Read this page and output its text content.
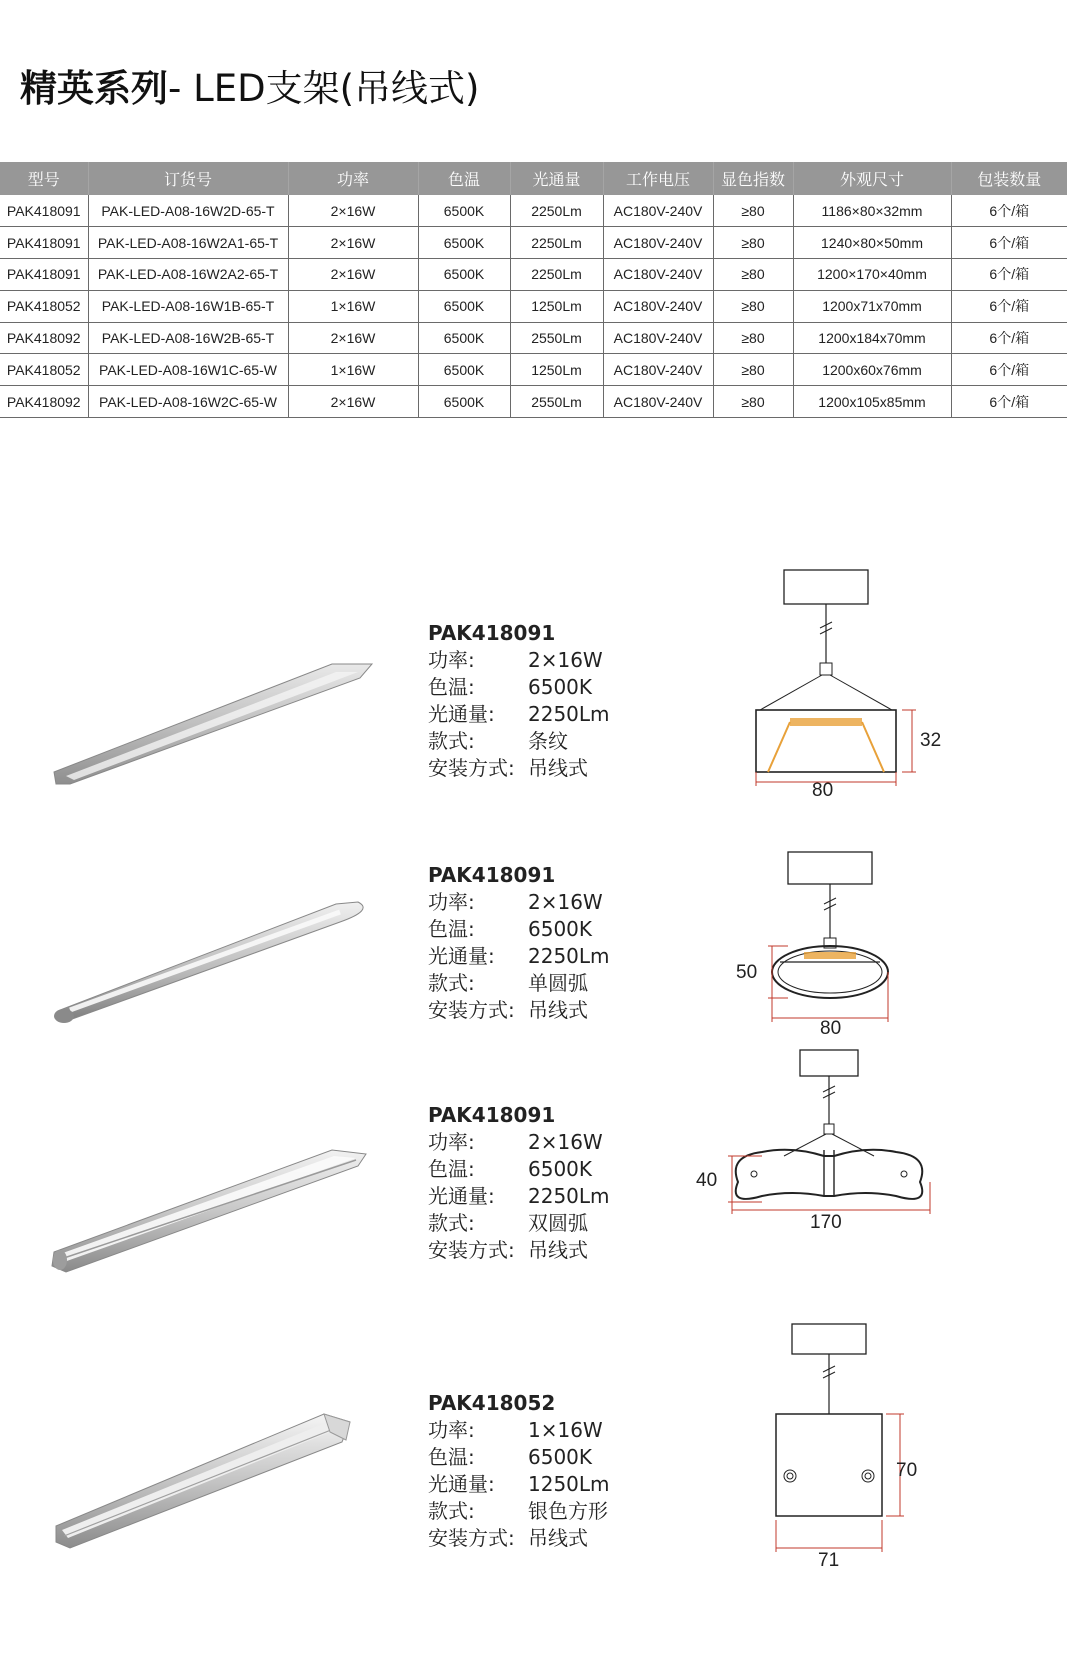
精英系列- LED支架(吊线式)
型号	订货号	功率	色温	光通量	工作电压	显色指数	外观尺寸	包装数量
PAK418091	PAK-LED-A08-16W2D-65-T	2×16W	6500K	2250Lm	AC180V-240V	≥80	1186×80×32mm	6个/箱
PAK418091	PAK-LED-A08-16W2A1-65-T	2×16W	6500K	2250Lm	AC180V-240V	≥80	1240×80×50mm	6个/箱
PAK418091	PAK-LED-A08-16W2A2-65-T	2×16W	6500K	2250Lm	AC180V-240V	≥80	1200×170×40mm	6个/箱
PAK418052	PAK-LED-A08-16W1B-65-T	1×16W	6500K	1250Lm	AC180V-240V	≥80	1200x71x70mm	6个/箱
PAK418092	PAK-LED-A08-16W2B-65-T	2×16W	6500K	2550Lm	AC180V-240V	≥80	1200x184x70mm	6个/箱
PAK418052	PAK-LED-A08-16W1C-65-W	1×16W	6500K	1250Lm	AC180V-240V	≥80	1200x60x76mm	6个/箱
PAK418092	PAK-LED-A08-16W2C-65-W	2×16W	6500K	2550Lm	AC180V-240V	≥80	1200x105x85mm	6个/箱
PAK418091
功率:	2×16W
色温:	6500K
光通量:	2250Lm
款式:	条纹
安装方式: 吊线式
32
80
PAK418091
功率:	2×16W
色温:	6500K
光通量:	2250Lm
款式:	单圆弧
安装方式: 吊线式
50
80
PAK418091
功率:	2×16W
色温:	6500K
光通量:	2250Lm
款式:	双圆弧
安装方式: 吊线式
40
170
PAK418052
功率:	1×16W
色温:	6500K
光通量:	1250Lm
款式:	银色方形
安装方式: 吊线式
70
71
